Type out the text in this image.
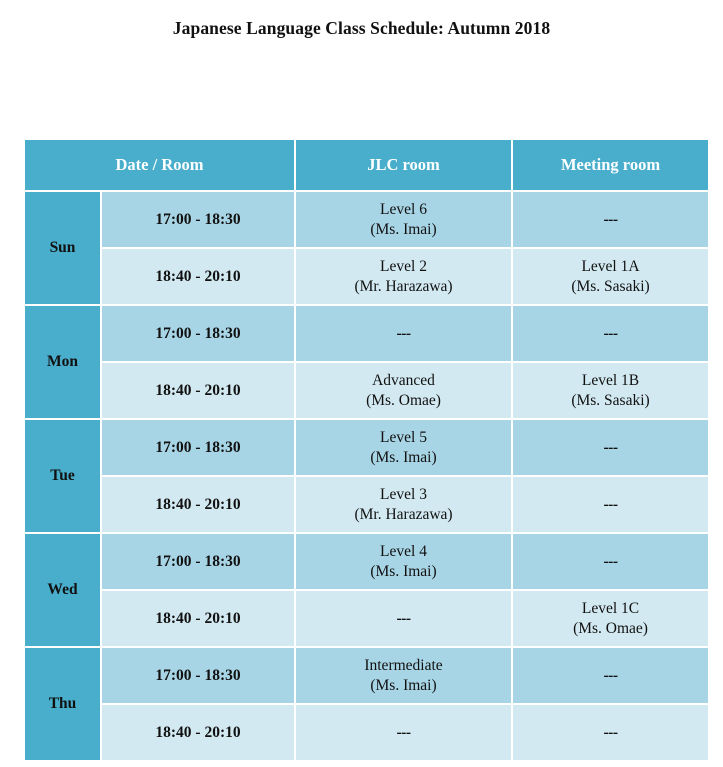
Japanese Language Class Schedule: Autumn 2018
Date / Room		JLC room	Meeting room
Sun	17:00 - 18:30	Level 6
(Ms. Imai)	---

	18:40 - 20:10	Level 2
(Mr. Harazawa)	Level 1A
(Ms. Sasaki)

Mon	17:00 - 18:30	---	---

	18:40 - 20:10	Advanced
(Ms. Omae)	Level 1B
(Ms. Sasaki)

Tue	17:00 - 18:30	Level 5
(Ms. Imai)	---

	18:40 - 20:10	Level 3
(Mr. Harazawa)	---

Wed	17:00 - 18:30	Level 4
(Ms. Imai)	---

	18:40 - 20:10	---	Level 1C
(Ms. Omae)

Thu	17:00 - 18:30	Intermediate
(Ms. Imai)	---

	18:40 - 20:10	---	---
